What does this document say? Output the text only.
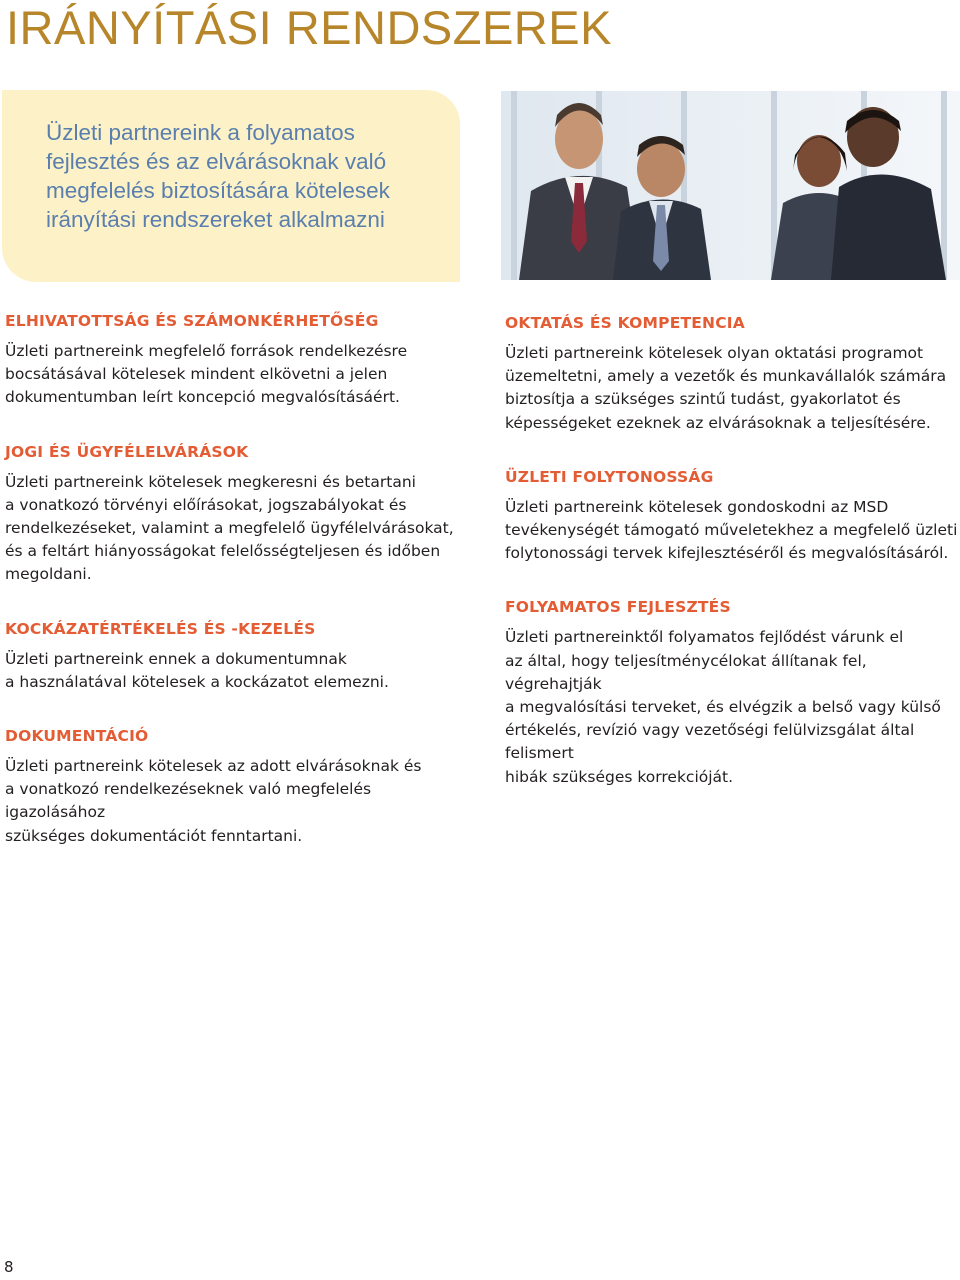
IRÁNYÍTÁSI RENDSZEREK

Üzleti partnereink a folyamatos fejlesztés és az elvárásoknak való megfelelés biztosítására kötelesek irányítási rendszereket alkalmazni

ELHIVATOTTSÁG ÉS SZÁMONKÉRHETŐSÉG

Üzleti partnereink megfelelő források rendelkezésre
bocsátásával kötelesek mindent elkövetni a jelen
dokumentumban leírt koncepció megvalósításáért.

JOGI ÉS ÜGYFÉLELVÁRÁSOK

Üzleti partnereink kötelesek megkeresni és betartani
a vonatkozó törvényi előírásokat, jogszabályokat és
rendelkezéseket, valamint a megfelelő ügyfélelvárásokat,
és a feltárt hiányosságokat felelősségteljesen és időben
megoldani.

KOCKÁZATÉRTÉKELÉS ÉS -KEZELÉS

Üzleti partnereink ennek a dokumentumnak
a használatával kötelesek a kockázatot elemezni.

DOKUMENTÁCIÓ

Üzleti partnereink kötelesek az adott elvárásoknak és
a vonatkozó rendelkezéseknek való megfelelés igazolásához
szükséges dokumentációt fenntartani.

OKTATÁS ÉS KOMPETENCIA

Üzleti partnereink kötelesek olyan oktatási programot
üzemeltetni, amely a vezetők és munkavállalók számára
biztosítja a szükséges szintű tudást, gyakorlatot és
képességeket ezeknek az elvárásoknak a teljesítésére.

ÜZLETI FOLYTONOSSÁG

Üzleti partnereink kötelesek gondoskodni az MSD
tevékenységét támogató műveletekhez a megfelelő üzleti
folytonossági tervek kifejlesztéséről és megvalósításáról.

FOLYAMATOS FEJLESZTÉS

Üzleti partnereinktől folyamatos fejlődést várunk el
az által, hogy teljesítménycélokat állítanak fel, végrehajtják
a megvalósítási terveket, és elvégzik a belső vagy külső
értékelés, revízió vagy vezetőségi felülvizsgálat által felismert
hibák szükséges korrekcióját.

8
